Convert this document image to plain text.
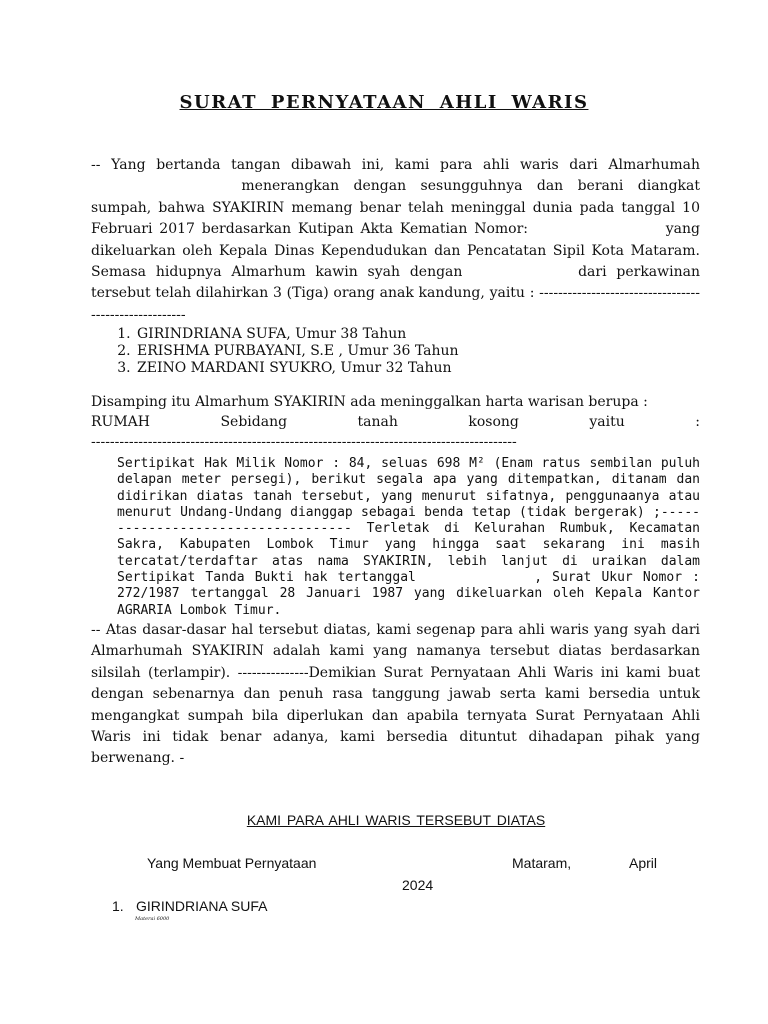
SURAT PERNYATAAN AHLI WARIS
-- Yang bertanda tangan dibawah ini, kami para ahli waris dari Almarhumah  menerangkan dengan sesungguhnya dan berani diangkat sumpah, bahwa SYAKIRIN memang benar telah meninggal dunia pada tanggal 10 Februari 2017 berdasarkan Kutipan Akta Kematian Nomor:	yang dikeluarkan oleh Kepala Dinas Kependudukan dan Pencatatan Sipil Kota Mataram. Semasa hidupnya Almarhum kawin syah dengan	dari perkawinan tersebut telah dilahirkan 3 (Tiga) orang anak kandung, yaitu : ------------------------------------------------------
1. GIRINDRIANA SUFA, Umur 38 Tahun
2. ERISHMA PURBAYANI, S.E , Umur 36 Tahun
3. ZEINO MARDANI SYUKRO, Umur 32 Tahun
Disamping itu Almarhum SYAKIRIN ada meninggalkan harta warisan berupa :
RUMAH	Sebidang	tanah	kosong	yaitu	:
------------------------------------------------------------------------------------------
Sertipikat Hak Milik Nomor : 84, seluas 698 M² (Enam ratus sembilan puluh delapan meter persegi), berikut segala apa yang ditempatkan, ditanam dan didirikan diatas tanah tersebut, yang menurut sifatnya, penggunaanya atau menurut Undang-Undang dianggap sebagai benda tetap (tidak bergerak) ;----------------------------------- Terletak di Kelurahan Rumbuk, Kecamatan Sakra, Kabupaten Lombok Timur yang hingga saat sekarang ini masih tercatat/terdaftar atas nama SYAKIRIN, lebih lanjut di uraikan dalam Sertipikat Tanda Bukti hak tertanggal	, Surat Ukur Nomor : 272/1987 tertanggal 28 Januari 1987 yang dikeluarkan oleh Kepala Kantor AGRARIA Lombok Timur.
-- Atas dasar-dasar hal tersebut diatas, kami segenap para ahli waris yang syah dari Almarhumah SYAKIRIN adalah kami yang namanya tersebut diatas berdasarkan silsilah (terlampir). ---------------Demikian Surat Pernyataan Ahli Waris ini kami buat dengan sebenarnya dan penuh rasa tanggung jawab serta kami bersedia untuk mengangkat sumpah bila diperlukan dan apabila ternyata Surat Pernyataan Ahli Waris ini tidak benar adanya, kami bersedia dituntut dihadapan pihak yang berwenang. -
KAMI PARA AHLI WARIS TERSEBUT DIATAS
Yang Membuat Pernyataan	Mataram,	April
2024
1. GIRINDRIANA SUFA
Materai 6000
